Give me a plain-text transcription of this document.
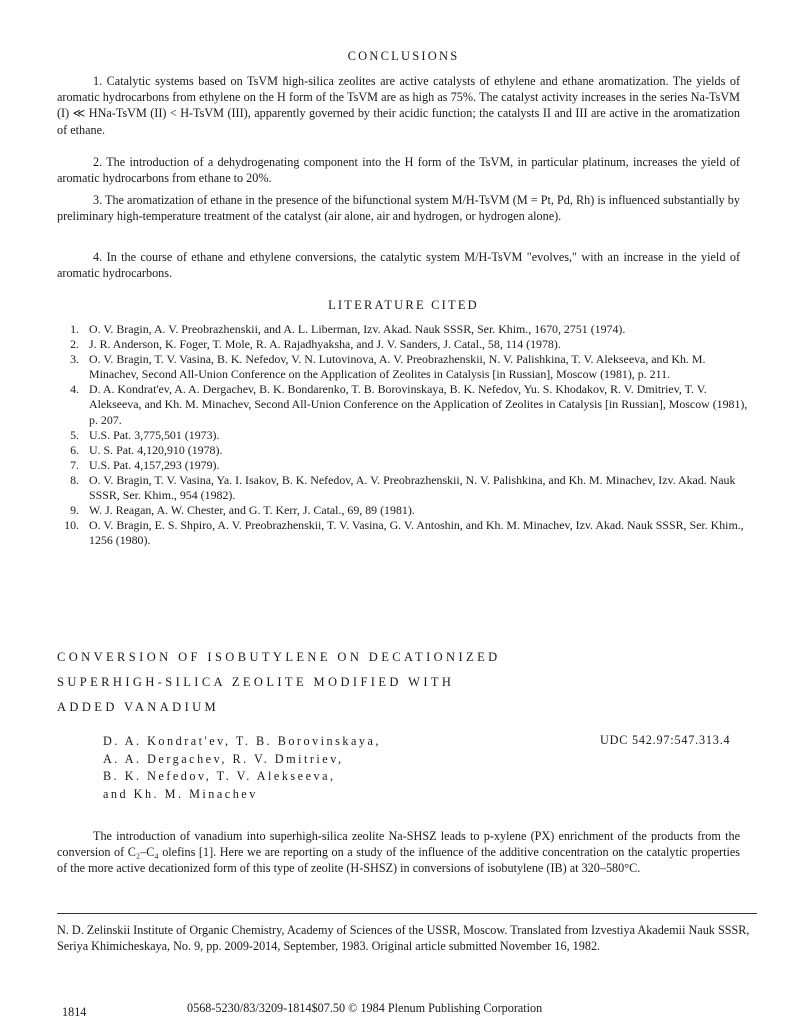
CONCLUSIONS

1. Catalytic systems based on TsVM high-silica zeolites are active catalysts of ethylene and ethane aromatization. The yields of aromatic hydrocarbons from ethylene on the H form of the TsVM are as high as 75%. The catalyst activity increases in the series Na-TsVM (I) ≪ HNa-TsVM (II) < H-TsVM (III), apparently governed by their acidic function; the catalysts II and III are active in the aromatization of ethane.

2. The introduction of a dehydrogenating component into the H form of the TsVM, in particular platinum, increases the yield of aromatic hydrocarbons from ethane to 20%.

3. The aromatization of ethane in the presence of the bifunctional system M/H-TsVM (M = Pt, Pd, Rh) is influenced substantially by preliminary high-temperature treatment of the catalyst (air alone, air and hydrogen, or hydrogen alone).

4. In the course of ethane and ethylene conversions, the catalytic system M/H-TsVM "evolves," with an increase in the yield of aromatic hydrocarbons.

LITERATURE CITED
1. O. V. Bragin, A. V. Preobrazhenskii, and A. L. Liberman, Izv. Akad. Nauk SSSR, Ser. Khim., 1670, 2751 (1974).
2. J. R. Anderson, K. Foger, T. Mole, R. A. Rajadhyaksha, and J. V. Sanders, J. Catal., 58, 114 (1978).
3. O. V. Bragin, T. V. Vasina, B. K. Nefedov, V. N. Lutovinova, A. V. Preobrazhenskii, N. V. Palishkina, T. V. Alekseeva, and Kh. M. Minachev, Second All-Union Conference on the Application of Zeolites in Catalysis [in Russian], Moscow (1981), p. 211.
4. D. A. Kondrat'ev, A. A. Dergachev, B. K. Bondarenko, T. B. Borovinskaya, B. K. Nefedov, Yu. S. Khodakov, R. V. Dmitriev, T. V. Alekseeva, and Kh. M. Minachev, Second All-Union Conference on the Application of Zeolites in Catalysis [in Russian], Moscow (1981), p. 207.
5. U.S. Pat. 3,775,501 (1973).
6. U. S. Pat. 4,120,910 (1978).
7. U.S. Pat. 4,157,293 (1979).
8. O. V. Bragin, T. V. Vasina, Ya. I. Isakov, B. K. Nefedov, A. V. Preobrazhenskii, N. V. Palishkina, and Kh. M. Minachev, Izv. Akad. Nauk SSSR, Ser. Khim., 954 (1982).
9. W. J. Reagan, A. W. Chester, and G. T. Kerr, J. Catal., 69, 89 (1981).
10. O. V. Bragin, E. S. Shpiro, A. V. Preobrazhenskii, T. V. Vasina, G. V. Antoshin, and Kh. M. Minachev, Izv. Akad. Nauk SSSR, Ser. Khim., 1256 (1980).
CONVERSION OF ISOBUTYLENE ON DECATIONIZED
SUPERHIGH-SILICA ZEOLITE MODIFIED WITH
ADDED VANADIUM
D. A. Kondrat'ev, T. B. Borovinskaya,
A. A. Dergachev, R. V. Dmitriev,
B. K. Nefedov, T. V. Alekseeva,
and Kh. M. Minachev
UDC 542.97:547.313.4

The introduction of vanadium into superhigh-silica zeolite Na-SHSZ leads to p-xylene (PX) enrichment of the products from the conversion of C₂–C₄ olefins [1]. Here we are reporting on a study of the influence of the additive concentration on the catalytic properties of the more active decationized form of this type of zeolite (H-SHSZ) in conversions of isobutylene (IB) at 320–580°C.

N. D. Zelinskii Institute of Organic Chemistry, Academy of Sciences of the USSR, Moscow. Translated from Izvestiya Akademii Nauk SSSR, Seriya Khimicheskaya, No. 9, pp. 2009-2014, September, 1983. Original article submitted November 16, 1982.

1814	0568-5230/83/3209-1814$07.50 © 1984 Plenum Publishing Corporation
